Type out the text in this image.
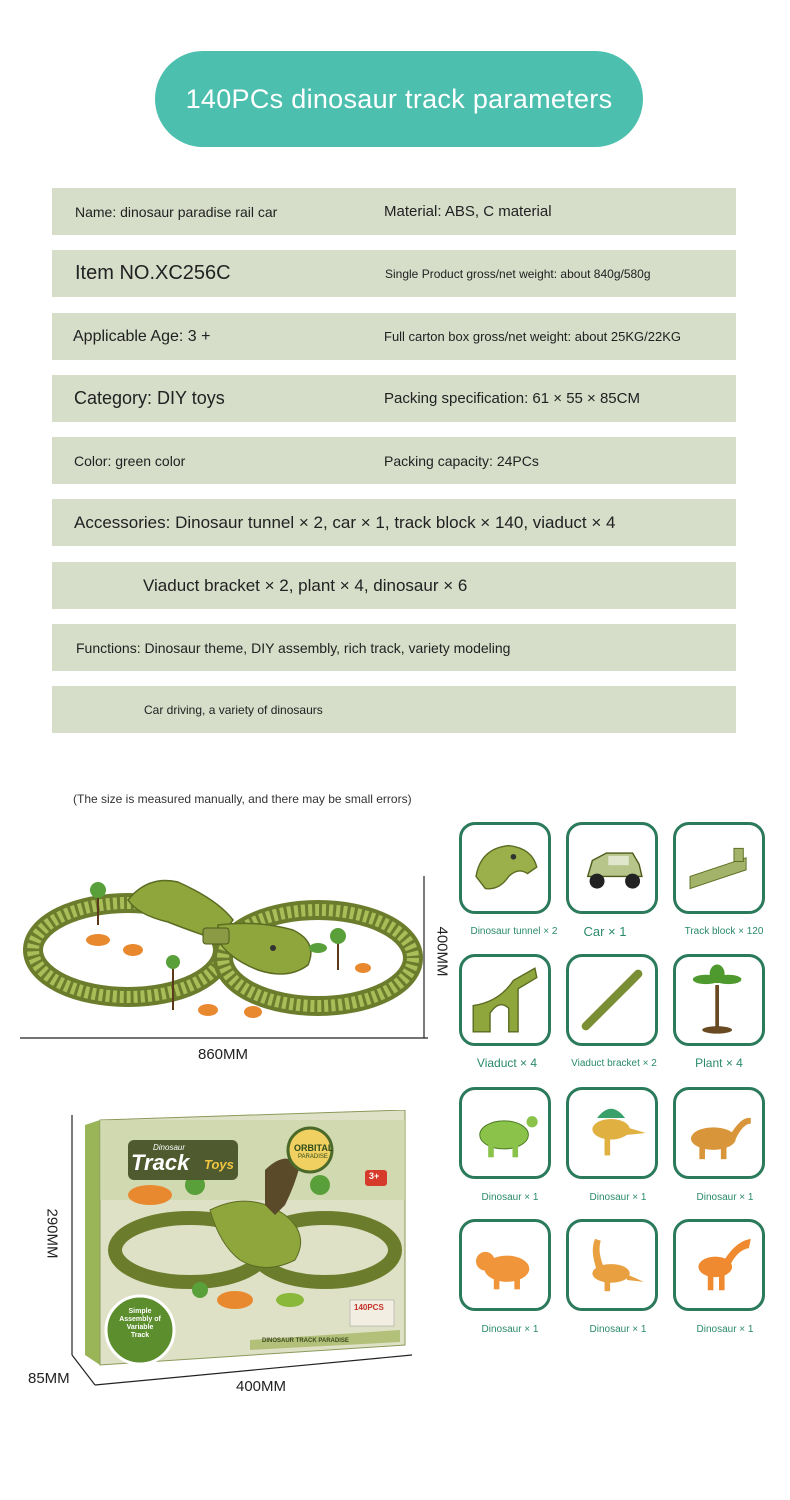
140PCs dinosaur track parameters
Name: dinosaur paradise rail car	Material: ABS, C material
Item NO.XC256C	Single Product gross/net weight: about 840g/580g
Applicable Age: 3 +	Full carton box gross/net weight: about 25KG/22KG
Category: DIY toys	Packing specification: 61 × 55 × 85CM
Color: green color	Packing capacity: 24PCs
Accessories: Dinosaur tunnel × 2, car × 1, track block × 140, viaduct × 4
Viaduct bracket × 2, plant × 4, dinosaur × 6
Functions: Dinosaur theme, DIY assembly, rich track, variety modeling
Car driving, a variety of dinosaurs
(The size is measured manually, and there may be small errors)
860MM
400MM
Dinosaur
Track Toys
ORBITAL
PARADISE
3+
140PCS
DINOSAUR TRACK PARADISE
Simple
Assembly of
Variable
Track
290MM
85MM	400MM
Dinosaur tunnel × 2	Car × 1	Track block × 120
Viaduct × 4	Viaduct bracket × 2	Plant × 4
Dinosaur × 1	Dinosaur × 1	Dinosaur × 1
Dinosaur × 1	Dinosaur × 1	Dinosaur × 1
